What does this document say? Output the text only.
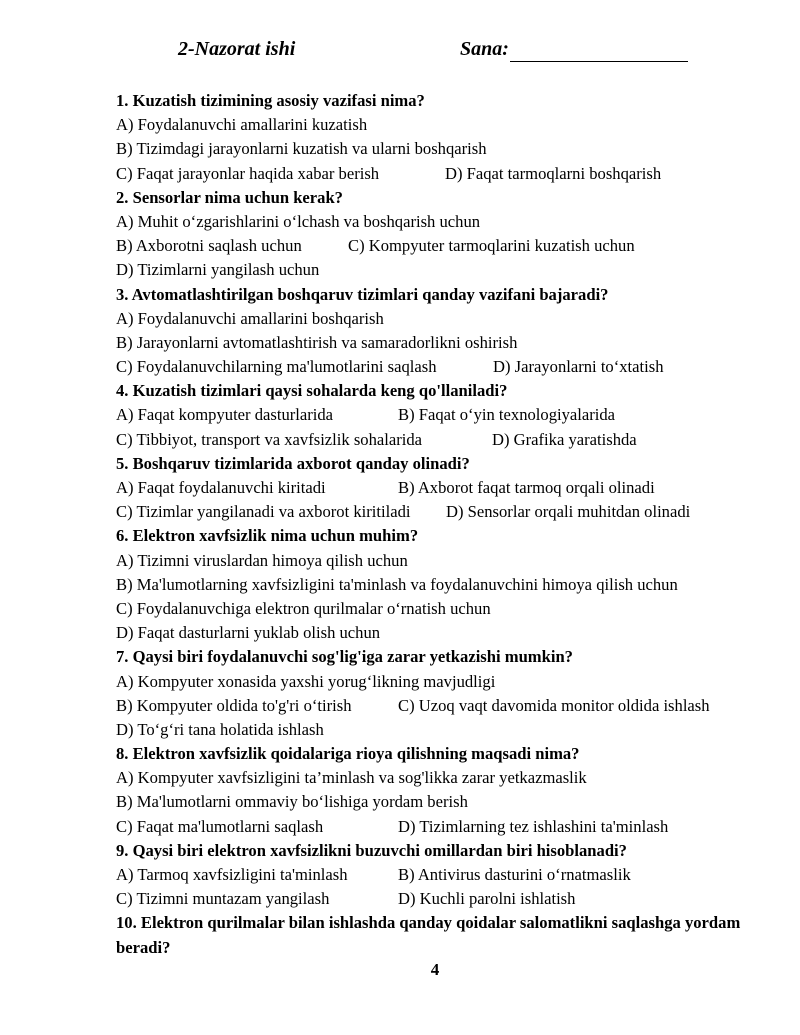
2-Nazorat ishi	Sana:
1. Kuzatish tizimining asosiy vazifasi nima?
A) Foydalanuvchi amallarini kuzatish
B) Tizimdagi jarayonlarni kuzatish va ularni boshqarish
C) Faqat jarayonlar haqida xabar berish	D) Faqat tarmoqlarni boshqarish
2. Sensorlar nima uchun kerak?
A) Muhit o‘zgarishlarini o‘lchash va boshqarish uchun
B) Axborotni saqlash uchun	C) Kompyuter tarmoqlarini kuzatish uchun
D) Tizimlarni yangilash uchun
3. Avtomatlashtirilgan boshqaruv tizimlari qanday vazifani bajaradi?
A) Foydalanuvchi amallarini boshqarish
B) Jarayonlarni avtomatlashtirish va samaradorlikni oshirish
C) Foydalanuvchilarning ma'lumotlarini saqlash	D) Jarayonlarni to‘xtatish
4. Kuzatish tizimlari qaysi sohalarda keng qo'llaniladi?
A) Faqat kompyuter dasturlarida	B) Faqat o‘yin texnologiyalarida
C) Tibbiyot, transport va xavfsizlik sohalarida	D) Grafika yaratishda
5. Boshqaruv tizimlarida axborot qanday olinadi?
A) Faqat foydalanuvchi kiritadi	B) Axborot faqat tarmoq orqali olinadi
C) Tizimlar yangilanadi va axborot kiritiladi D) Sensorlar orqali muhitdan olinadi
6. Elektron xavfsizlik nima uchun muhim?
A) Tizimni viruslardan himoya qilish uchun
B) Ma'lumotlarning xavfsizligini ta'minlash va foydalanuvchini himoya qilish uchun
C) Foydalanuvchiga elektron qurilmalar o‘rnatish uchun
D) Faqat dasturlarni yuklab olish uchun
7. Qaysi biri foydalanuvchi sog'lig'iga zarar yetkazishi mumkin?
A) Kompyuter xonasida yaxshi yorug‘likning mavjudligi
B) Kompyuter oldida to'g'ri o‘tirish	C) Uzoq vaqt davomida monitor oldida ishlash
D) To‘g‘ri tana holatida ishlash
8. Elektron xavfsizlik qoidalariga rioya qilishning maqsadi nima?
A) Kompyuter xavfsizligini ta’minlash va sog'likka zarar yetkazmaslik
B) Ma'lumotlarni ommaviy bo‘lishiga yordam berish
C) Faqat ma'lumotlarni saqlash	D) Tizimlarning tez ishlashini ta'minlash
9. Qaysi biri elektron xavfsizlikni buzuvchi omillardan biri hisoblanadi?
A) Tarmoq xavfsizligini ta'minlash	B) Antivirus dasturini o‘rnatmaslik
C) Tizimni muntazam yangilash	D) Kuchli parolni ishlatish
10. Elektron qurilmalar bilan ishlashda qanday qoidalar salomatlikni saqlashga yordam beradi?
4
